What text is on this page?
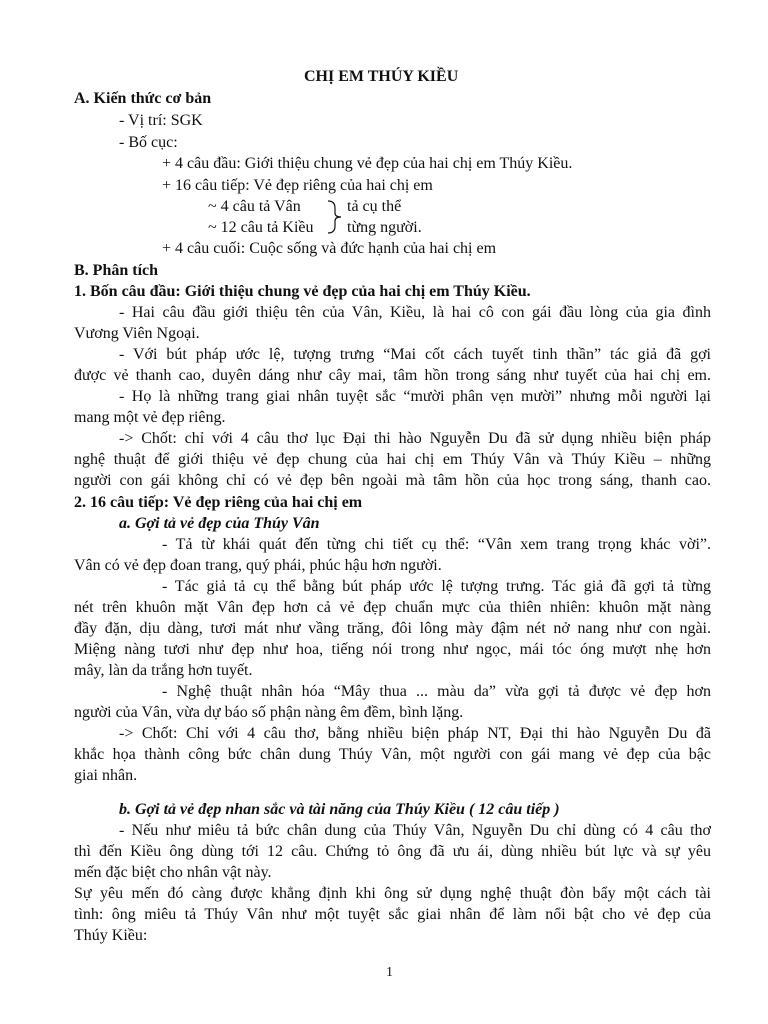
CHỊ EM THÚY KIỀU
A. Kiến thức cơ bản
- Vị trí: SGK
- Bố cục:
+ 4 câu đầu: Giới thiệu chung vẻ đẹp của hai chị em Thúy Kiều.
+ 16 câu tiếp: Vẻ đẹp riêng của hai chị em
~ 4 câu tả Vân
~ 12 câu tả Kiều
tả cụ thể
từng người.
+ 4 câu cuối: Cuộc sống và đức hạnh của hai chị em
B. Phân tích
1. Bốn câu đầu: Giới thiệu chung vẻ đẹp của hai chị em Thúy Kiều.
- Hai câu đầu giới thiệu tên của Vân, Kiều, là hai cô con gái đầu lòng của gia đình
Vương Viên Ngoại.
- Với bút pháp ước lệ, tượng trưng “Mai cốt cách tuyết tinh thần” tác giả đã gợi
được vẻ thanh cao, duyên dáng như cây mai, tâm hồn trong sáng như tuyết của hai chị em.
- Họ là những trang giai nhân tuyệt sắc “mười phân vẹn mười” nhưng mỗi người lại
mang một vẻ đẹp riêng.
-> Chốt: chỉ với 4 câu thơ lục Đại thi hào Nguyễn Du đã sử dụng nhiều biện pháp
nghệ thuật để giới thiệu vẻ đẹp chung của hai chị em Thúy Vân và Thúy Kiều – những
người con gái không chỉ có vẻ đẹp bên ngoài mà tâm hồn của học trong sáng, thanh cao.
2. 16 câu tiếp: Vẻ đẹp riêng của hai chị em
a. Gợi tả vẻ đẹp của Thúy Vân
- Tả từ khái quát đến từng chi tiết cụ thể: “Vân xem trang trọng khác vời”.
Vân có vẻ đẹp đoan trang, quý phái, phúc hậu hơn người.
- Tác giả tả cụ thể bằng bút pháp ước lệ tượng trưng. Tác giả đã gợi tả từng
nét trên khuôn mặt Vân đẹp hơn cả vẻ đẹp chuẩn mực của thiên nhiên: khuôn mặt nàng
đầy đặn, dịu dàng, tươi mát như vầng trăng, đôi lông mày đậm nét nở nang như con ngài.
Miệng nàng tươi như đẹp như hoa, tiếng nói trong như ngọc, mái tóc óng mượt nhẹ hơn
mây, làn da trắng hơn tuyết.
- Nghệ thuật nhân hóa “Mây thua ... màu da” vừa gợi tả được vẻ đẹp hơn
người của Vân, vừa dự báo số phận nàng êm đềm, bình lặng.
-> Chốt: Chỉ với 4 câu thơ, bằng nhiều biện pháp NT, Đại thi hào Nguyễn Du đã
khắc họa thành công bức chân dung Thúy Vân, một người con gái mang vẻ đẹp của bậc
giai nhân.
b. Gợi tả vẻ đẹp nhan sắc và tài năng của Thúy Kiều ( 12 câu tiếp )
- Nếu như miêu tả bức chân dung của Thúy Vân, Nguyễn Du chỉ dùng có 4 câu thơ
thì đến Kiều ông dùng tới 12 câu. Chứng tỏ ông đã ưu ái, dùng nhiều bút lực và sự yêu
mến đặc biệt cho nhân vật này.
Sự yêu mến đó càng được khẳng định khi ông sử dụng nghệ thuật đòn bẩy một cách tài
tình: ông miêu tả Thúy Vân như một tuyệt sắc giai nhân để làm nổi bật cho vẻ đẹp của
Thúy Kiều:
1
